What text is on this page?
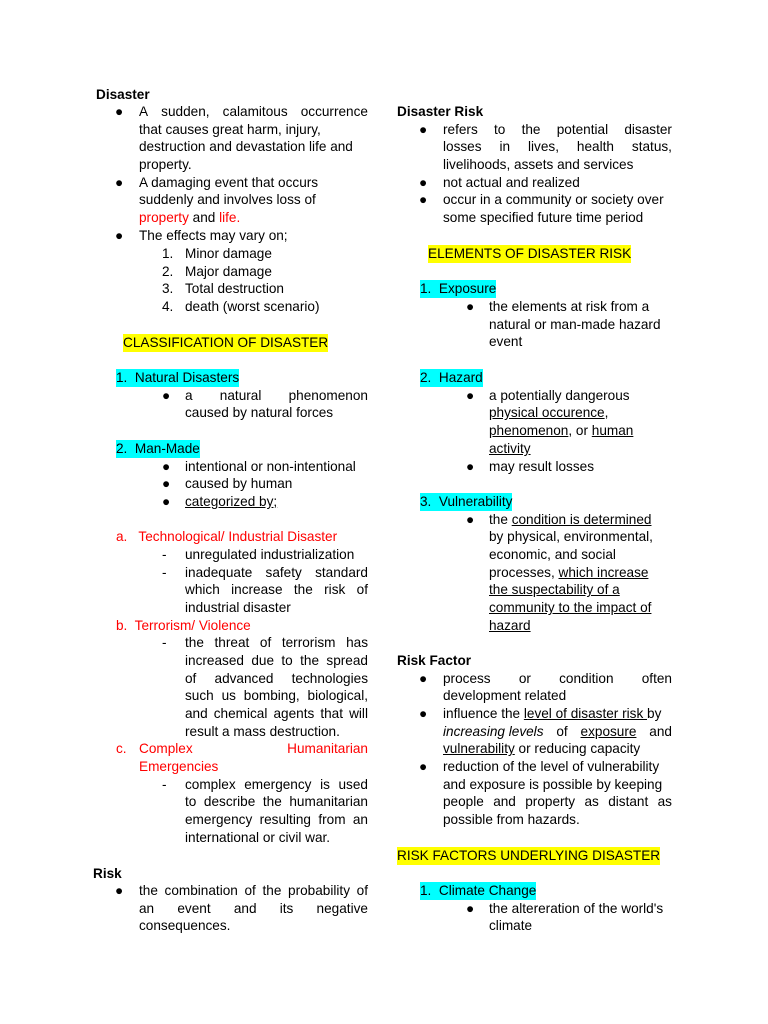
Disaster
● A sudden, calamitous occurrence
that causes great harm, injury,
destruction and devastation life and
property.
● A damaging event that occurs
suddenly and involves loss of
property and life.
● The effects may vary on;
1. Minor damage
2. Major damage
3. Total destruction
4. death (worst scenario)
CLASSIFICATION OF DISASTER
1.  Natural Disasters
● a natural phenomenon
caused by natural forces
2.  Man-Made
● intentional or non-intentional
● caused by human
● categorized by;
a.   Technological/ Industrial Disaster
- unregulated industrialization
- inadequate safety standard
which increase the risk of
industrial disaster
b.  Terrorism/ Violence
- the threat of terrorism has
increased due to the spread
of advanced technologies
such us bombing, biological,
and chemical agents that will
result a mass destruction.
c. Complex	Humanitarian
Emergencies
- complex emergency is used
to describe the humanitarian
emergency resulting from an
international or civil war.
Risk
● the combination of the probability of
an event and its negative
consequences.
Disaster Risk
● refers to the potential disaster
losses in lives, health status,
livelihoods, assets and services
● not actual and realized
● occur in a community or society over
some specified future time period
ELEMENTS OF DISASTER RISK
1.  Exposure
● the elements at risk from a
natural or man-made hazard
event
2.  Hazard
● a potentially dangerous
physical occurence,
phenomenon, or human
activity
● may result losses
3.  Vulnerability
● the condition is determined
by physical, environmental,
economic, and social
processes, which increase
the suspectability of a
community to the impact of
hazard
Risk Factor
● process or condition often
development related
● influence the level of disaster risk by
increasing levels of exposure and
vulnerability or reducing capacity
● reduction of the level of vulnerability
and exposure is possible by keeping
people and property as distant as
possible from hazards.
RISK FACTORS UNDERLYING DISASTER
1.  Climate Change
● the altereration of the world's
climate
